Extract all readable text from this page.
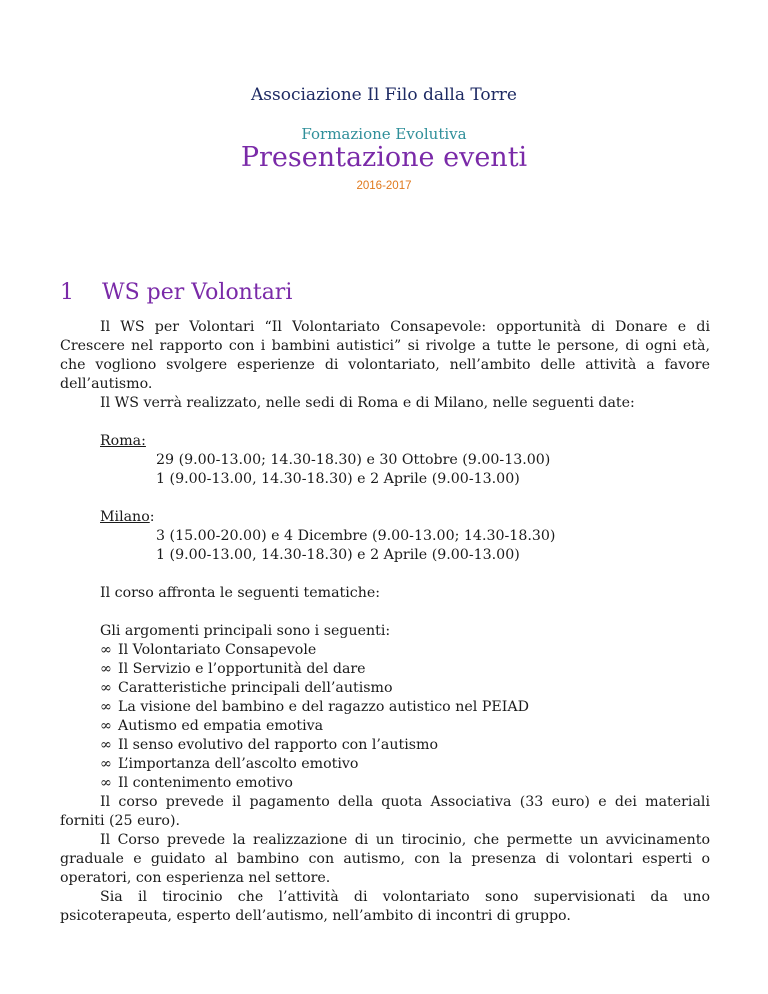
Associazione Il Filo dalla Torre
Formazione Evolutiva
Presentazione eventi
2016-2017
1 WS per Volontari

Il WS per Volontari “Il Volontariato Consapevole: opportunità di Donare e di Crescere nel rapporto con i bambini autistici” si rivolge a tutte le persone, di ogni età, che vogliono svolgere esperienze di volontariato, nell’ambito delle attività a favore dell’autismo.

Il WS verrà realizzato, nelle sedi di Roma e di Milano, nelle seguenti date:

Roma:
29 (9.00-13.00; 14.30-18.30) e 30 Ottobre (9.00-13.00)
1 (9.00-13.00, 14.30-18.30) e 2 Aprile (9.00-13.00)
Milano:
3 (15.00-20.00) e 4 Dicembre (9.00-13.00; 14.30-18.30)
1 (9.00-13.00, 14.30-18.30) e 2 Aprile (9.00-13.00)
Il corso affronta le seguenti tematiche:
Gli argomenti principali sono i seguenti:
∞ Il Volontariato Consapevole
∞ Il Servizio e l’opportunità del dare
∞ Caratteristiche principali dell’autismo
∞ La visione del bambino e del ragazzo autistico nel PEIAD
∞ Autismo ed empatia emotiva
∞ Il senso evolutivo del rapporto con l’autismo
∞ L’importanza dell’ascolto emotivo
∞ Il contenimento emotivo

Il corso prevede il pagamento della quota Associativa (33 euro) e dei materiali forniti (25 euro).

Il Corso prevede la realizzazione di un tirocinio, che permette un avvicinamento graduale e guidato al bambino con autismo, con la presenza di volontari esperti o operatori, con esperienza nel settore.

Sia il tirocinio che l’attività di volontariato sono supervisionati da uno psicoterapeuta, esperto dell’autismo, nell’ambito di incontri di gruppo.
